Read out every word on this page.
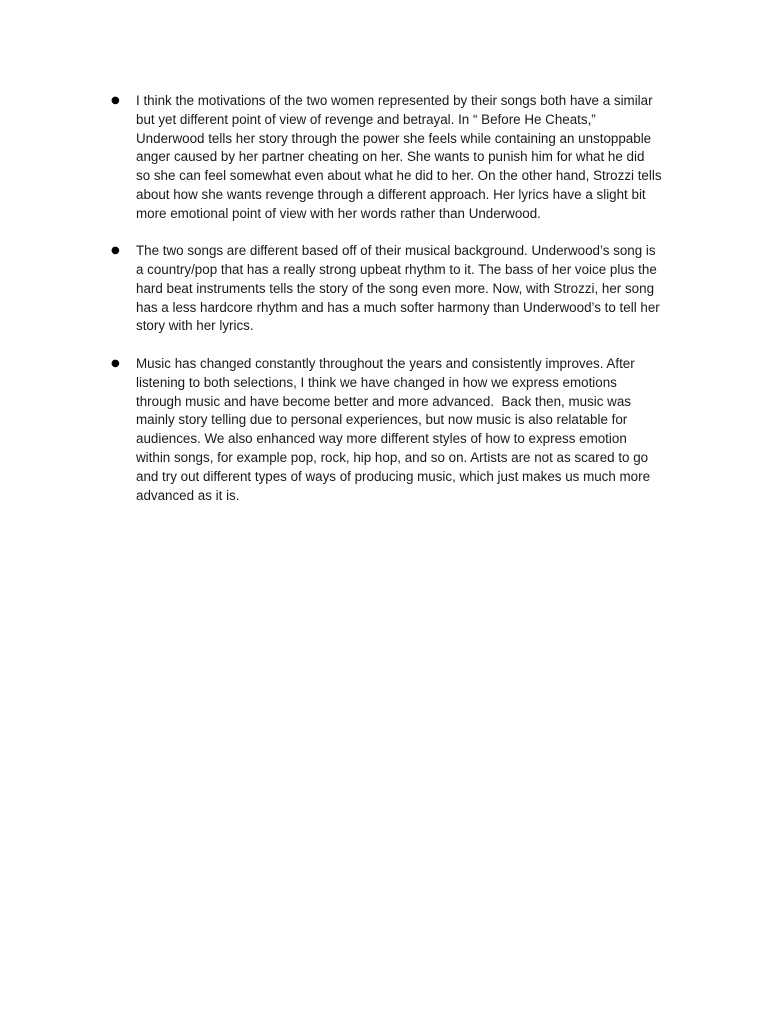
● I think the motivations of the two women represented by their songs both have a similar
but yet different point of view of revenge and betrayal. In “ Before He Cheats,”
Underwood tells her story through the power she feels while containing an unstoppable
anger caused by her partner cheating on her. She wants to punish him for what he did
so she can feel somewhat even about what he did to her. On the other hand, Strozzi tells
about how she wants revenge through a different approach. Her lyrics have a slight bit
more emotional point of view with her words rather than Underwood.
● The two songs are different based off of their musical background. Underwood’s song is
a country/pop that has a really strong upbeat rhythm to it. The bass of her voice plus the
hard beat instruments tells the story of the song even more. Now, with Strozzi, her song
has a less hardcore rhythm and has a much softer harmony than Underwood’s to tell her
story with her lyrics.
● Music has changed constantly throughout the years and consistently improves. After
listening to both selections, I think we have changed in how we express emotions
through music and have become better and more advanced.  Back then, music was
mainly story telling due to personal experiences, but now music is also relatable for
audiences. We also enhanced way more different styles of how to express emotion
within songs, for example pop, rock, hip hop, and so on. Artists are not as scared to go
and try out different types of ways of producing music, which just makes us much more
advanced as it is.
